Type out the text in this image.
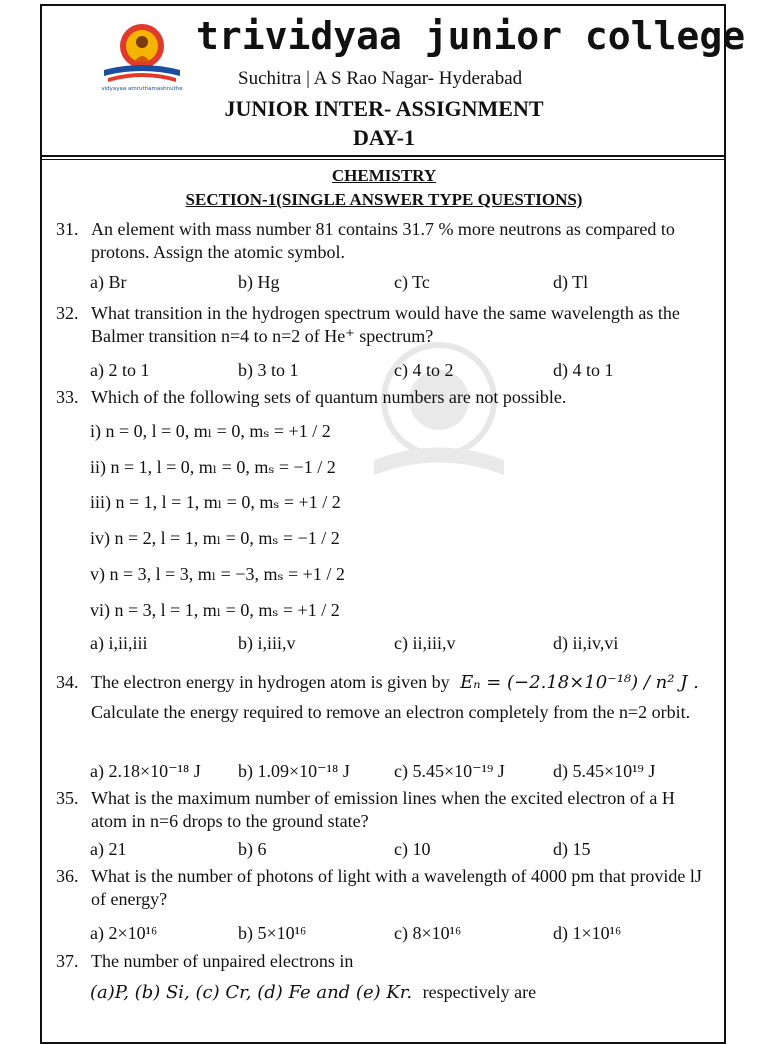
vidyayaa amruthamashnuthe
trividyaa junior college
Suchitra | A S Rao Nagar- Hyderabad
JUNIOR INTER- ASSIGNMENT
DAY-1
CHEMISTRY
SECTION-1(SINGLE ANSWER TYPE QUESTIONS)
31. An element with mass number 81 contains 31.7 % more neutrons as compared to protons. Assign the atomic symbol.
a) Br	b) Hg	c) Tc	d) Tl
32. What transition in the hydrogen spectrum would have the same wavelength as the Balmer transition n=4 to n=2 of He⁺ spectrum?
a) 2 to 1	b) 3 to 1	c) 4 to 2	d) 4 to 1
33. Which of the following sets of quantum numbers are not possible.
i) n = 0, l = 0, mₗ = 0, mₛ = +1 / 2
ii) n = 1, l = 0, mₗ = 0, mₛ = −1 / 2
iii) n = 1, l = 1, mₗ = 0, mₛ = +1 / 2
iv) n = 2, l = 1, mₗ = 0, mₛ = −1 / 2
v) n = 3, l = 3, mₗ = −3, mₛ = +1 / 2
vi) n = 3, l = 1, mₗ = 0, mₛ = +1 / 2
a) i,ii,iii	b) i,iii,v	c) ii,iii,v	d) ii,iv,vi
34. The electron energy in hydrogen atom is given by Eₙ = (−2.18×10⁻¹⁸) / n² J .
Calculate the energy required to remove an electron completely from the n=2 orbit.
a) 2.18×10⁻¹⁸ J b) 1.09×10⁻¹⁸ J c) 5.45×10⁻¹⁹ J	d) 5.45×10¹⁹ J
35. What is the maximum number of emission lines when the excited electron of a H atom in n=6 drops to the ground state?
a) 21	b) 6	c) 10	d) 15
36. What is the number of photons of light with a wavelength of 4000 pm that provide lJ of energy?
a) 2×10¹⁶	b) 5×10¹⁶	c) 8×10¹⁶	d) 1×10¹⁶
37. The number of unpaired electrons in
(a)P, (b) Si, (c) Cr, (d) Fe and (e) Kr. respectively are
